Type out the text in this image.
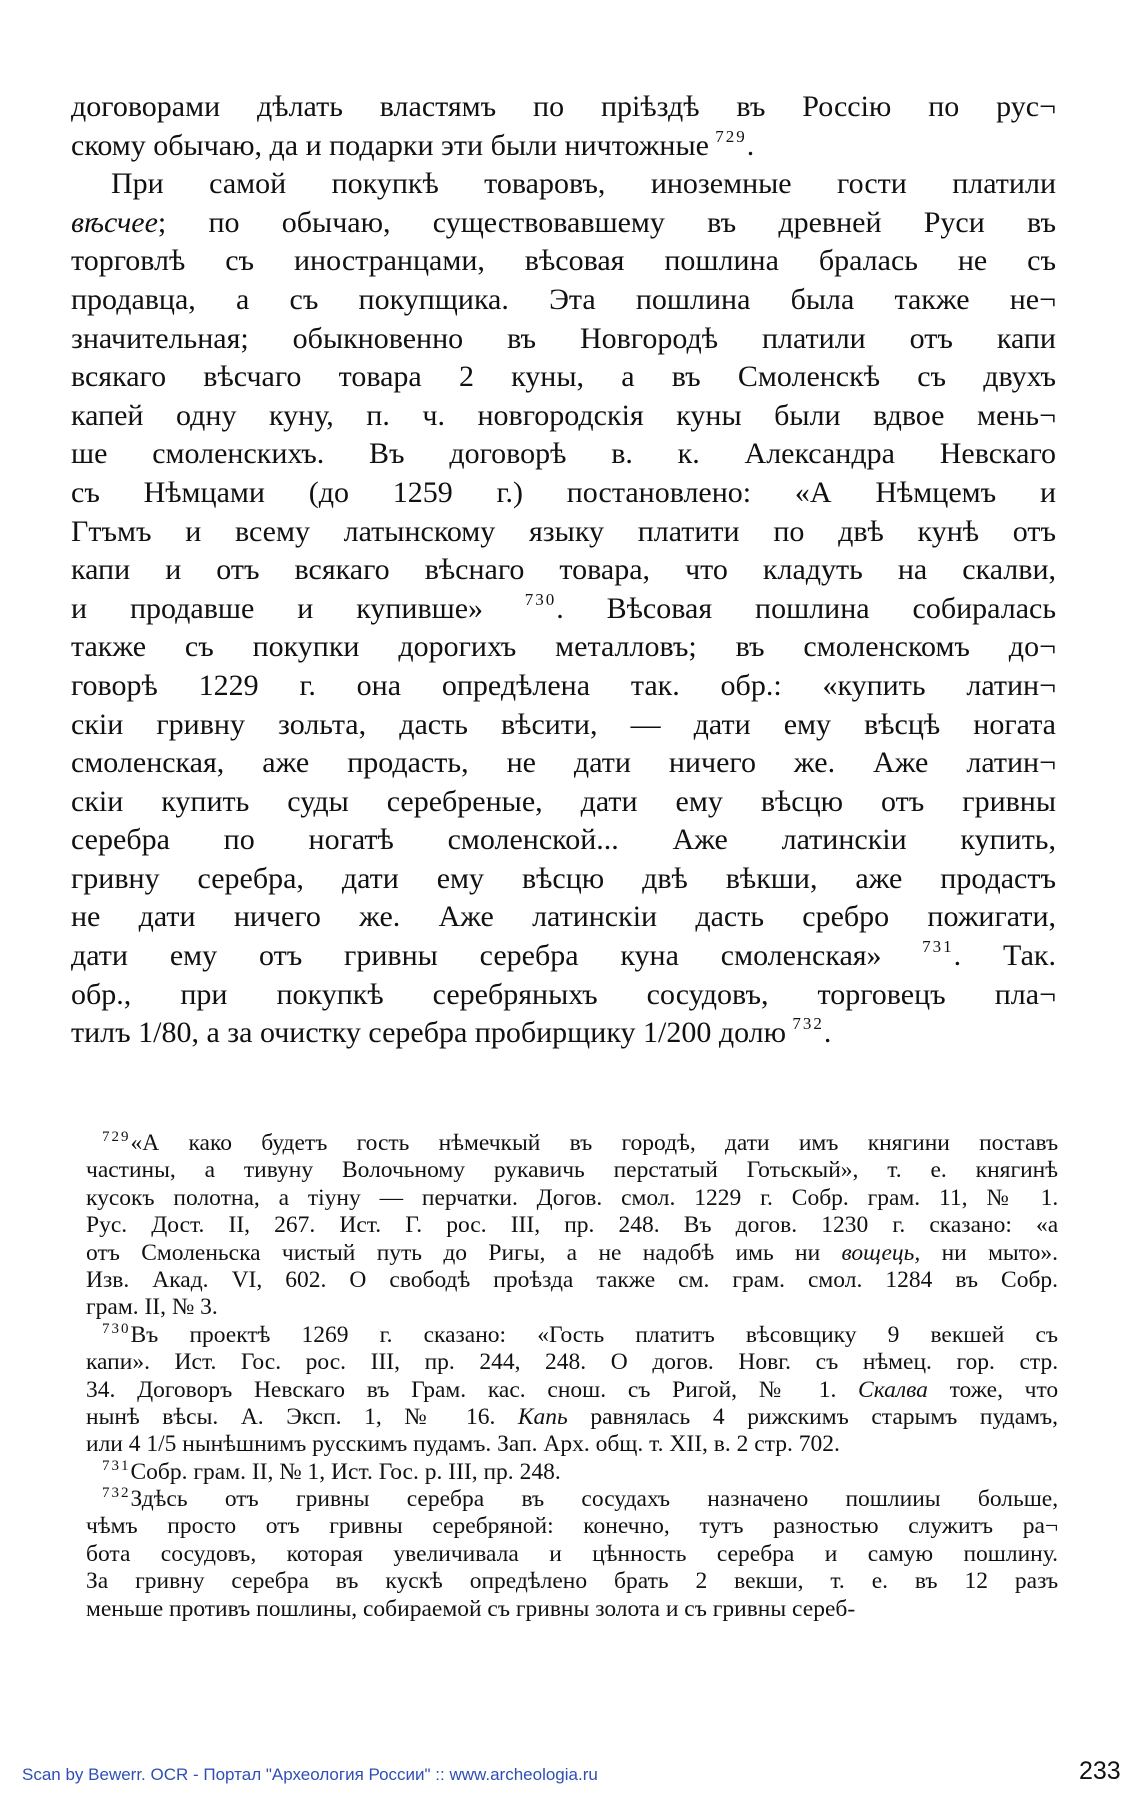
договорами дѣлать властямъ по прiѣздѣ въ Россiю по рус¬
скому обычаю, да и подарки эти были ничтожные $^{729}$.
При самой покупкѣ товаровъ, иноземные гости платили
вѣсчее; по обычаю, существовавшему въ древней Руси въ
торговлѣ съ иностранцами, вѣсовая пошлина бралась не съ
продавца, а съ покупщика. Эта пошлина была также не¬
значительная; обыкновенно въ Новгородѣ платили отъ капи
всякаго вѣсчаго товара 2 куны, а въ Смоленскѣ съ двухъ
капей одну куну, п. ч. новгородскiя куны были вдвое мень¬
ше смоленскихъ. Въ договорѣ в. к. Александра Невскаго
съ Нѣмцами (до 1259 г.) постановлено: «А Нѣмцемъ и
Гтъмъ и всему латынскому языку платити по двѣ кунѣ отъ
капи и отъ всякаго вѣснаго товара, что кладуть на скалви,
и продавше и купивше» $^{730}$. Вѣсовая пошлина собиралась
также съ покупки дорогихъ металловъ; въ смоленскомъ до¬
говорѣ 1229 г. она опредѣлена так. обр.: «купить латин¬
скiи гривну зольта, дасть вѣсити, — дати ему вѣсцѣ ногата
смоленская, аже продасть, не дати ничего же. Аже латин¬
скiи купить суды серебреные, дати ему вѣсцю отъ гривны
серебра по ногатѣ смоленской... Аже латинскiи купить,
гривну серебра, дати ему вѣсцю двѣ вѣкши, аже продастъ
не дати ничего же. Аже латинскiи дасть сребро пожигати,
дати ему отъ гривны серебра куна смоленская» $^{731}$. Так.
обр., при покупкѣ серебряныхъ сосудовъ, торговецъ пла¬
тилъ 1/80, а за очистку серебра пробирщику 1/200 долю $^{732}$.
$^{729}$«А како будетъ гость нѣмечкый въ городѣ, дати имъ княгини поставъ
частины, а тивуну Волочьному рукавичь перстатый Готьскый», т. е. княгинѣ
кусокъ полотна, а тiуну — перчатки. Догов. смол. 1229 г. Собр. грам. 11, № 1.
Рус. Дост. II, 267. Ист. Г. рос. III, пр. 248. Въ догов. 1230 г. сказано: «а
отъ Смоленьска чистый путь до Ригы, а не надобѣ имь ни вощець, ни мыто».
Изв. Акад. VI, 602. О свободѣ проѣзда также см. грам. смол. 1284 въ Собр.
грам. II, № 3.
$^{730}$Въ проектѣ 1269 г. сказано: «Гость платитъ вѣсовщику 9 векшей съ
капи». Ист. Гос. рос. III, пр. 244, 248. О догов. Новг. съ нѣмец. гор. стр.
34. Договоръ Невскаго въ Грам. кас. снош. съ Ригой, № 1. Скалва тоже, что
нынѣ вѣсы. А. Эксп. 1, № 16. Капь равнялась 4 рижскимъ старымъ пудамъ,
или 4 1/5 нынѣшнимъ русскимъ пудамъ. Зап. Арх. общ. т. XII, в. 2 стр. 702.
$^{731}$Собр. грам. II, № 1, Ист. Гос. р. III, пр. 248.
$^{732}$Здѣсь отъ гривны серебра въ сосудахъ назначено пошлииы больше,
чѣмъ просто отъ гривны серебряной: конечно, тутъ разностью служитъ ра¬
бота сосудовъ, которая увеличивала и цѣнность серебра и самую пошлину.
За гривну серебра въ кускѣ опредѣлено брать 2 векши, т. е. въ 12 разъ
меньше противъ пошлины, собираемой съ гривны золота и съ гривны сереб-
Scan by Bewerr. OCR - Портал "Археология России" :: www.archeologia.ru	233
